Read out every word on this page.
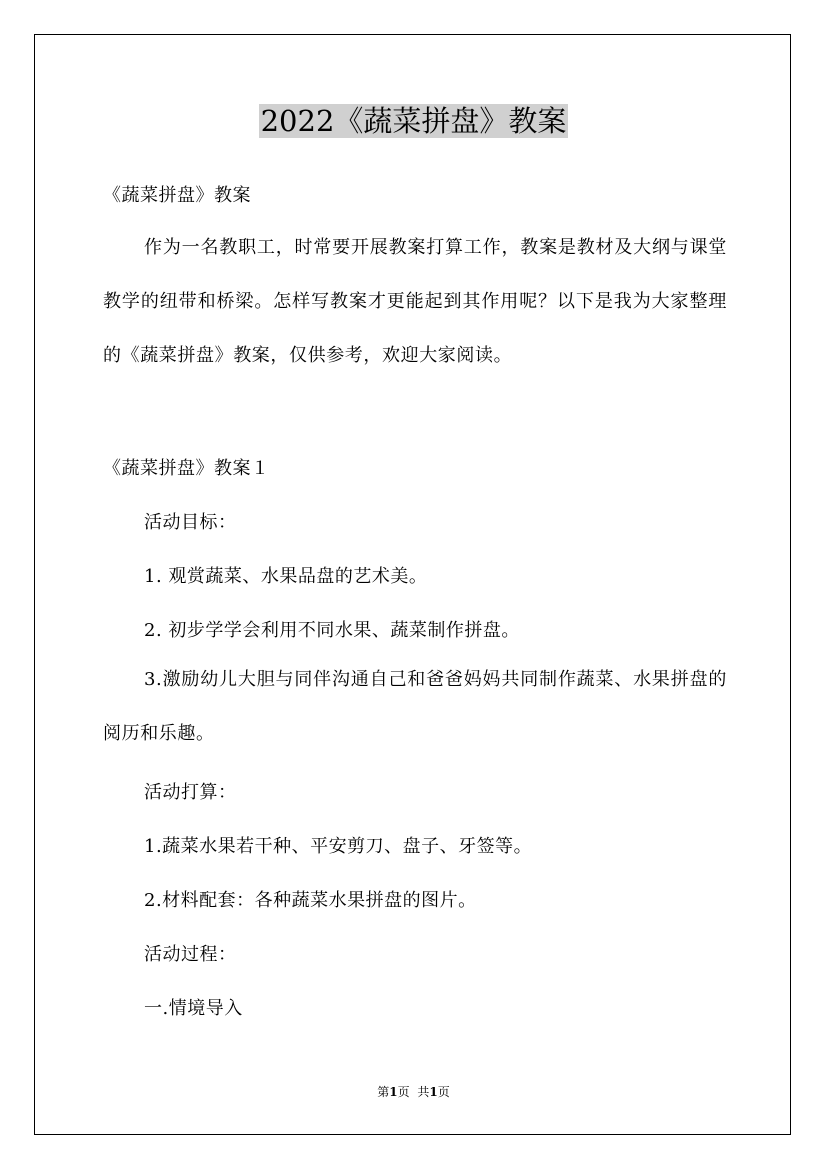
2022《蔬菜拼盘》教案
《蔬菜拼盘》教案
作为一名教职工，时常要开展教案打算工作，教案是教材及大纲与课堂教学的纽带和桥梁。怎样写教案才更能起到其作用呢？以下是我为大家整理的《蔬菜拼盘》教案，仅供参考，欢迎大家阅读。
《蔬菜拼盘》教案１
活动目标：
1. 观赏蔬菜、水果品盘的艺术美。
2. 初步学学会利用不同水果、蔬菜制作拼盘。
3.激励幼儿大胆与同伴沟通自己和爸爸妈妈共同制作蔬菜、水果拼盘的阅历和乐趣。
活动打算：
1.蔬菜水果若干种、平安剪刀、盘子、牙签等。
2.材料配套：各种蔬菜水果拼盘的图片。
活动过程：
一.情境导入
第1页 共1页
